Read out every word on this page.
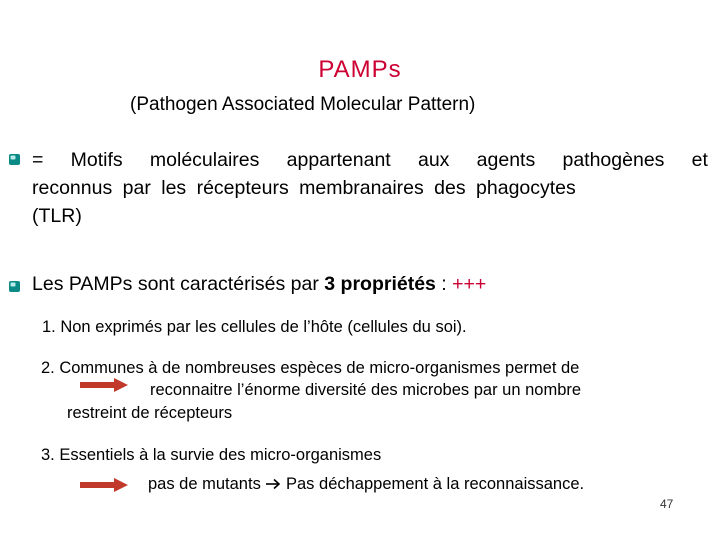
PAMPs
(Pathogen Associated Molecular Pattern)
= Motifs moléculaires appartenant aux agents pathogènes et
reconnus par les récepteurs membranaires des phagocytes
(TLR)
Les PAMPs sont caractérisés par 3 propriétés : +++
1. Non exprimés par les cellules de l’hôte (cellules du soi).
2. Communes à de nombreuses espèces de micro-organismes permet de
reconnaitre l’énorme diversité des microbes par un nombre
restreint de récepteurs
3. Essentiels à la survie des micro-organismes
pas de mutants  Pas déchappement à la reconnaissance.
47
